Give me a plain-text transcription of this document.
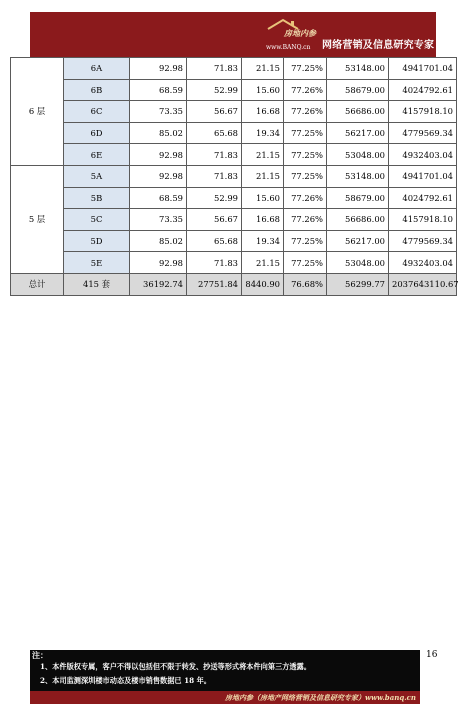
房地内参
www.BANQ.cn 网络营销及信息研究专家
6 层	6A	92.98	71.83	21.15	77.25%	53148.00	4941701.04
	6B	68.59	52.99	15.60	77.26%	58679.00	4024792.61
	6C	73.35	56.67	16.68	77.26%	56686.00	4157918.10
	6D	85.02	65.68	19.34	77.25%	56217.00	4779569.34
	6E	92.98	71.83	21.15	77.25%	53048.00	4932403.04
5 层	5A	92.98	71.83	21.15	77.25%	53148.00	4941701.04
	5B	68.59	52.99	15.60	77.26%	58679.00	4024792.61
	5C	73.35	56.67	16.68	77.26%	56686.00	4157918.10
	5D	85.02	65.68	19.34	77.25%	56217.00	4779569.34
	5E	92.98	71.83	21.15	77.25%	53048.00	4932403.04
总计	415 套	36192.74	27751.84	8440.90	76.68%	56299.77	2037643110.67
注：
1、本件版权专属，客户不得以包括但不限于转发、抄送等形式将本件向第三方透露。
2、本司监测深圳楼市动态及楼市销售数据已 18 年。
房地内参（房地产网络营销及信息研究专家）www.banq.cn
16
